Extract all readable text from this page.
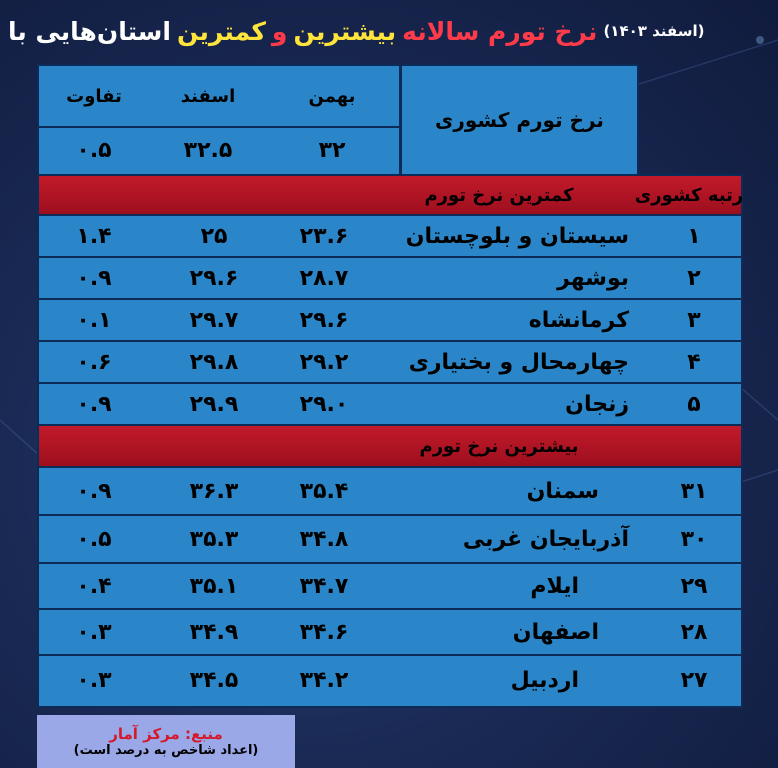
استان‌هایی با کمترین و بیشترین نرخ تورم سالانه (اسفند ۱۴۰۳)
بهمن
اسفند
تفاوت
۳۲
۳۲.۵
۰.۵
نرخ تورم کشوری
رتبه کشوری
کمترین نرخ تورم
۱
سیستان و بلوچستان
۲۳.۶
۲۵
۱.۴
۲
بوشهر
۲۸.۷
۲۹.۶
۰.۹
۳
کرمانشاه
۲۹.۶
۲۹.۷
۰.۱
۴
چهارمحال و بختیاری
۲۹.۲
۲۹.۸
۰.۶
۵
زنجان
۲۹.۰
۲۹.۹
۰.۹
بیشترین نرخ تورم
۳۱
سمنان
۳۵.۴
۳۶.۳
۰.۹
۳۰
آذربایجان غربی
۳۴.۸
۳۵.۳
۰.۵
۲۹
ایلام
۳۴.۷
۳۵.۱
۰.۴
۲۸
اصفهان
۳۴.۶
۳۴.۹
۰.۳
۲۷
اردبیل
۳۴.۲
۳۴.۵
۰.۳
منبع: مرکز آمار
(اعداد شاخص به درصد است)
